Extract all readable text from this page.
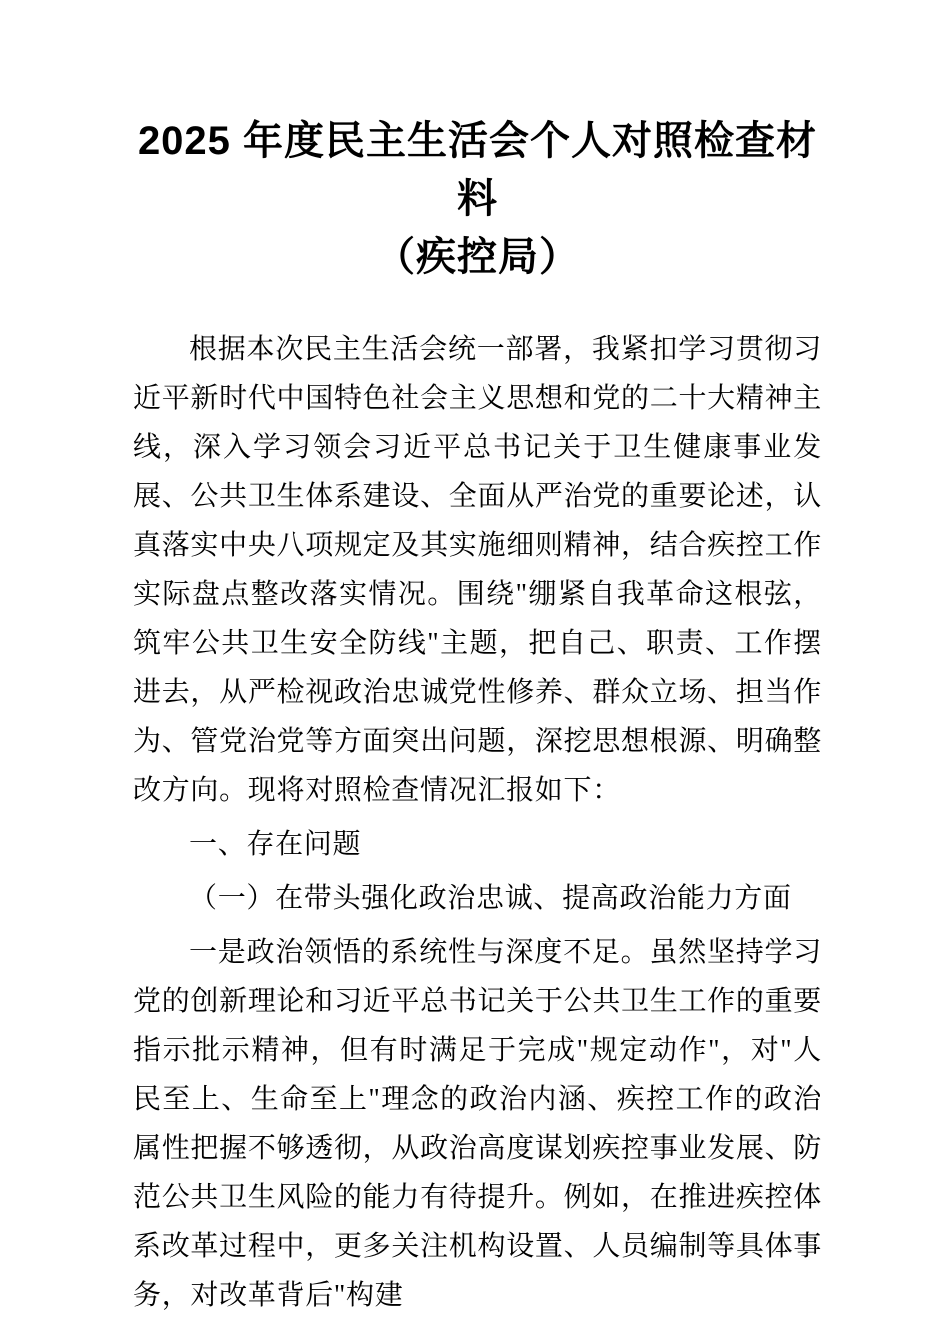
2025 年度民主生活会个人对照检查材料
（疾控局）

根据本次民主生活会统一部署，我紧扣学习贯彻习近平新时代中国特色社会主义思想和党的二十大精神主线，深入学习领会习近平总书记关于卫生健康事业发展、公共卫生体系建设、全面从严治党的重要论述，认真落实中央八项规定及其实施细则精神，结合疾控工作实际盘点整改落实情况。围绕"绷紧自我革命这根弦，筑牢公共卫生安全防线"主题，把自己、职责、工作摆进去，从严检视政治忠诚党性修养、群众立场、担当作为、管党治党等方面突出问题，深挖思想根源、明确整改方向。现将对照检查情况汇报如下：

一、存在问题

（一）在带头强化政治忠诚、提高政治能力方面

一是政治领悟的系统性与深度不足。虽然坚持学习党的创新理论和习近平总书记关于公共卫生工作的重要指示批示精神，但有时满足于完成"规定动作"，对"人民至上、生命至上"理念的政治内涵、疾控工作的政治属性把握不够透彻，从政治高度谋划疾控事业发展、防范公共卫生风险的能力有待提升。例如，在推进疾控体系改革过程中，更多关注机构设置、人员编制等具体事务，对改革背后"构建
